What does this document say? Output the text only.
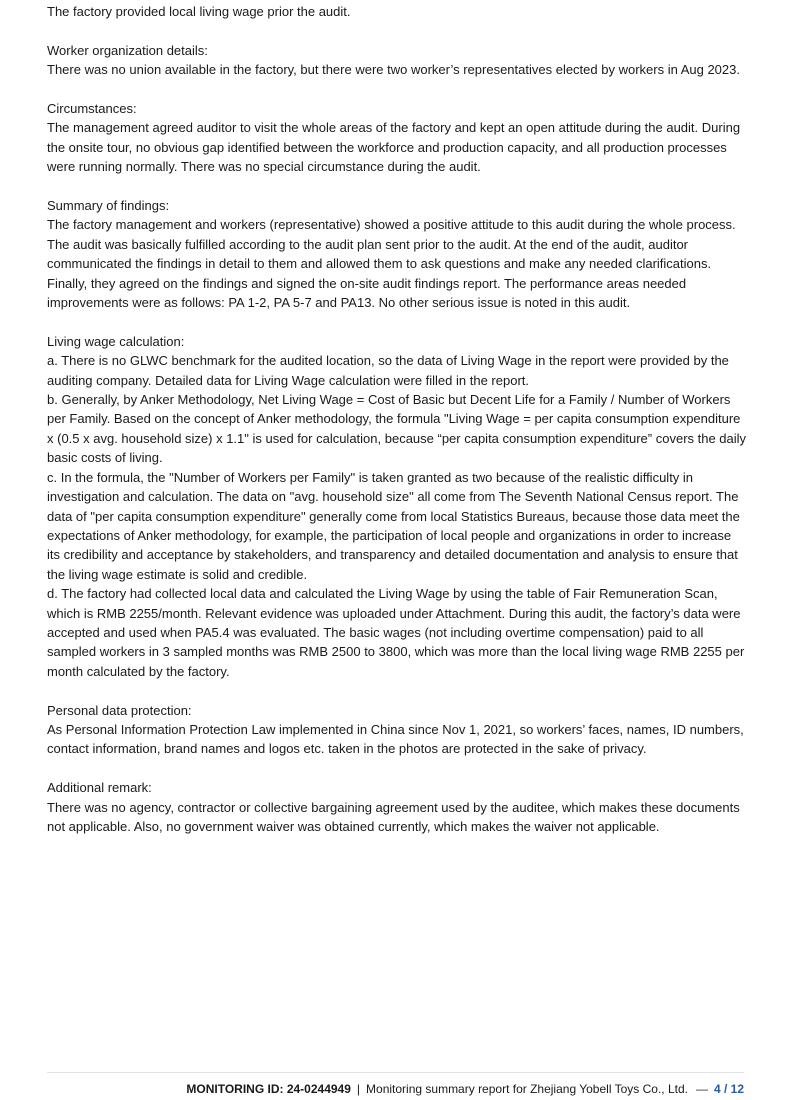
The factory provided local living wage prior the audit.

Worker organization details:

There was no union available in the factory, but there were two worker’s representatives elected by workers in Aug 2023.

Circumstances:

The management agreed auditor to visit the whole areas of the factory and kept an open attitude during the audit. During the onsite tour, no obvious gap identified between the workforce and production capacity, and all production processes were running normally. There was no special circumstance during the audit.

Summary of findings:

The factory management and workers (representative) showed a positive attitude to this audit during the whole process. The audit was basically fulfilled according to the audit plan sent prior to the audit. At the end of the audit, auditor communicated the findings in detail to them and allowed them to ask questions and make any needed clarifications. Finally, they agreed on the findings and signed the on-site audit findings report. The performance areas needed improvements were as follows: PA 1-2, PA 5-7 and PA13. No other serious issue is noted in this audit.

Living wage calculation:

a. There is no GLWC benchmark for the audited location, so the data of Living Wage in the report were provided by the auditing company. Detailed data for Living Wage calculation were filled in the report.

b. Generally, by Anker Methodology, Net Living Wage = Cost of Basic but Decent Life for a Family / Number of Workers per Family. Based on the concept of Anker methodology, the formula "Living Wage = per capita consumption expenditure x (0.5 x avg. household size) x 1.1" is used for calculation, because “per capita consumption expenditure” covers the daily basic costs of living.

c. In the formula, the "Number of Workers per Family" is taken granted as two because of the realistic difficulty in investigation and calculation. The data on "avg. household size" all come from The Seventh National Census report. The data of "per capita consumption expenditure" generally come from local Statistics Bureaus, because those data meet the expectations of Anker methodology, for example, the participation of local people and organizations in order to increase its credibility and acceptance by stakeholders, and transparency and detailed documentation and analysis to ensure that the living wage estimate is solid and credible.

d. The factory had collected local data and calculated the Living Wage by using the table of Fair Remuneration Scan, which is RMB 2255/month. Relevant evidence was uploaded under Attachment. During this audit, the factory’s data were accepted and used when PA5.4 was evaluated. The basic wages (not including overtime compensation) paid to all sampled workers in 3 sampled months was RMB 2500 to 3800, which was more than the local living wage RMB 2255 per month calculated by the factory.

Personal data protection:

As Personal Information Protection Law implemented in China since Nov 1, 2021, so workers’ faces, names, ID numbers, contact information, brand names and logos etc. taken in the photos are protected in the sake of privacy.

Additional remark:

There was no agency, contractor or collective bargaining agreement used by the auditee, which makes these documents not applicable. Also, no government waiver was obtained currently, which makes the waiver not applicable.

MONITORING ID: 24-0244949 | Monitoring summary report for Zhejiang Yobell Toys Co., Ltd. — 4 / 12
